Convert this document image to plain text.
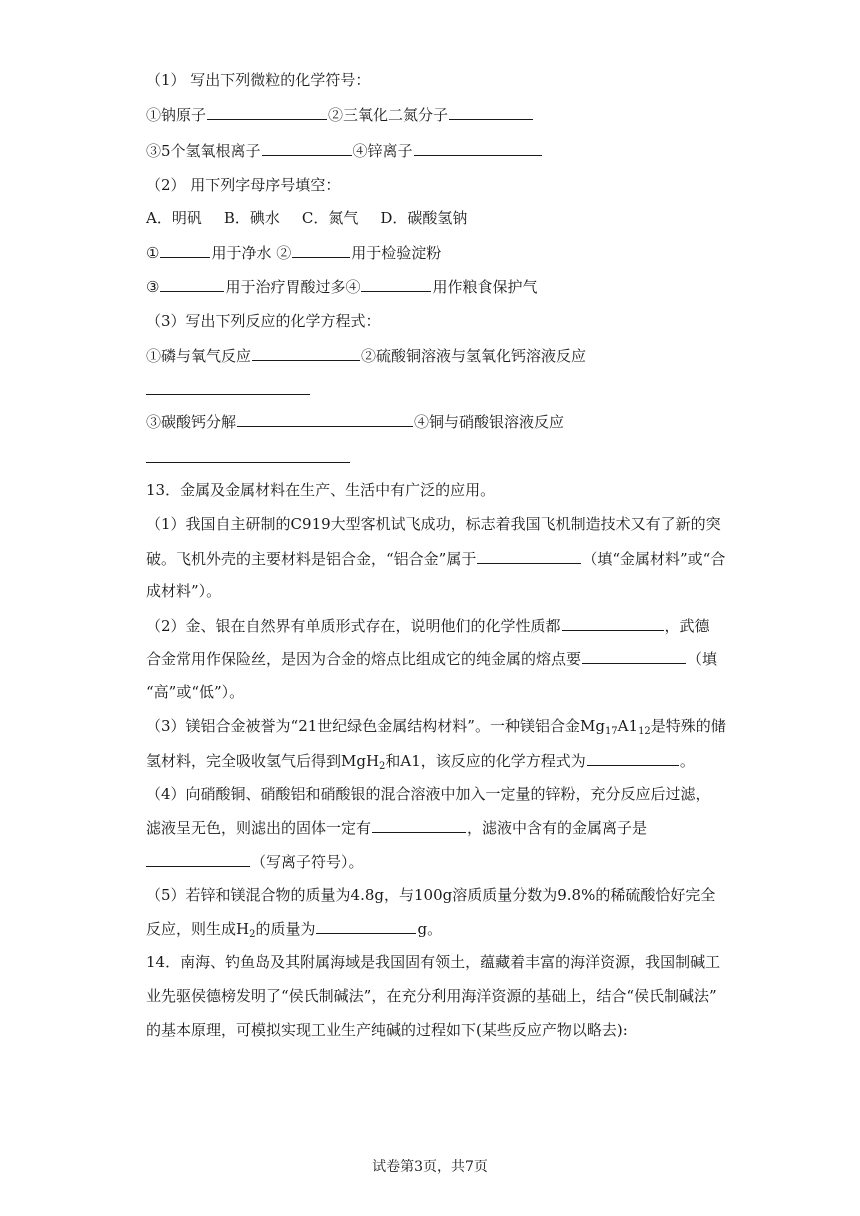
（1） 写出下列微粒的化学符号：
①钠原子	②三氧化二氮分子
③5个氢氧根离子	④锌离子
（2） 用下列字母序号填空：
A．明矾 B．碘水 C．氮气 D．碳酸氢钠
①	用于净水 ②	用于检验淀粉
③	用于治疗胃酸过多④	用作粮食保护气
（3）写出下列反应的化学方程式：
①磷与氧气反应	②硫酸铜溶液与氢氧化钙溶液反应
③碳酸钙分解	④铜与硝酸银溶液反应
13．金属及金属材料在生产、生活中有广泛的应用。
（1）我国自主研制的C919大型客机试飞成功，标志着我国飞机制造技术又有了新的突
破。飞机外壳的主要材料是铝合金，“铝合金”属于	（填“金属材料”或“合
成材料”）。
（2）金、银在自然界有单质形式存在，说明他们的化学性质都	，武德
合金常用作保险丝，是因为合金的熔点比组成它的纯金属的熔点要	（填
“高”或“低”）。
（3）镁铝合金被誉为“21世纪绿色金属结构材料”。一种镁铝合金$Mg_{17}A1_{12}$是特殊的储
氢材料，完全吸收氢气后得到MgH$_2$和A1，该反应的化学方程式为	。
（4）向硝酸铜、硝酸铝和硝酸银的混合溶液中加入一定量的锌粉，充分反应后过滤，
滤液呈无色，则滤出的固体一定有	，滤液中含有的金属离子是
（写离子符号）。
（5）若锌和镁混合物的质量为4.8g，与100g溶质质量分数为9.8%的稀硫酸恰好完全
反应，则生成$H_2$的质量为	g。
14．南海、钓鱼岛及其附属海域是我国固有领土，蕴藏着丰富的海洋资源，我国制碱工
业先驱侯德榜发明了“侯氏制碱法”，在充分利用海洋资源的基础上，结合“侯氏制碱法”
的基本原理，可模拟实现工业生产纯碱的过程如下(某些反应产物以略去):
试卷第3页，共7页
